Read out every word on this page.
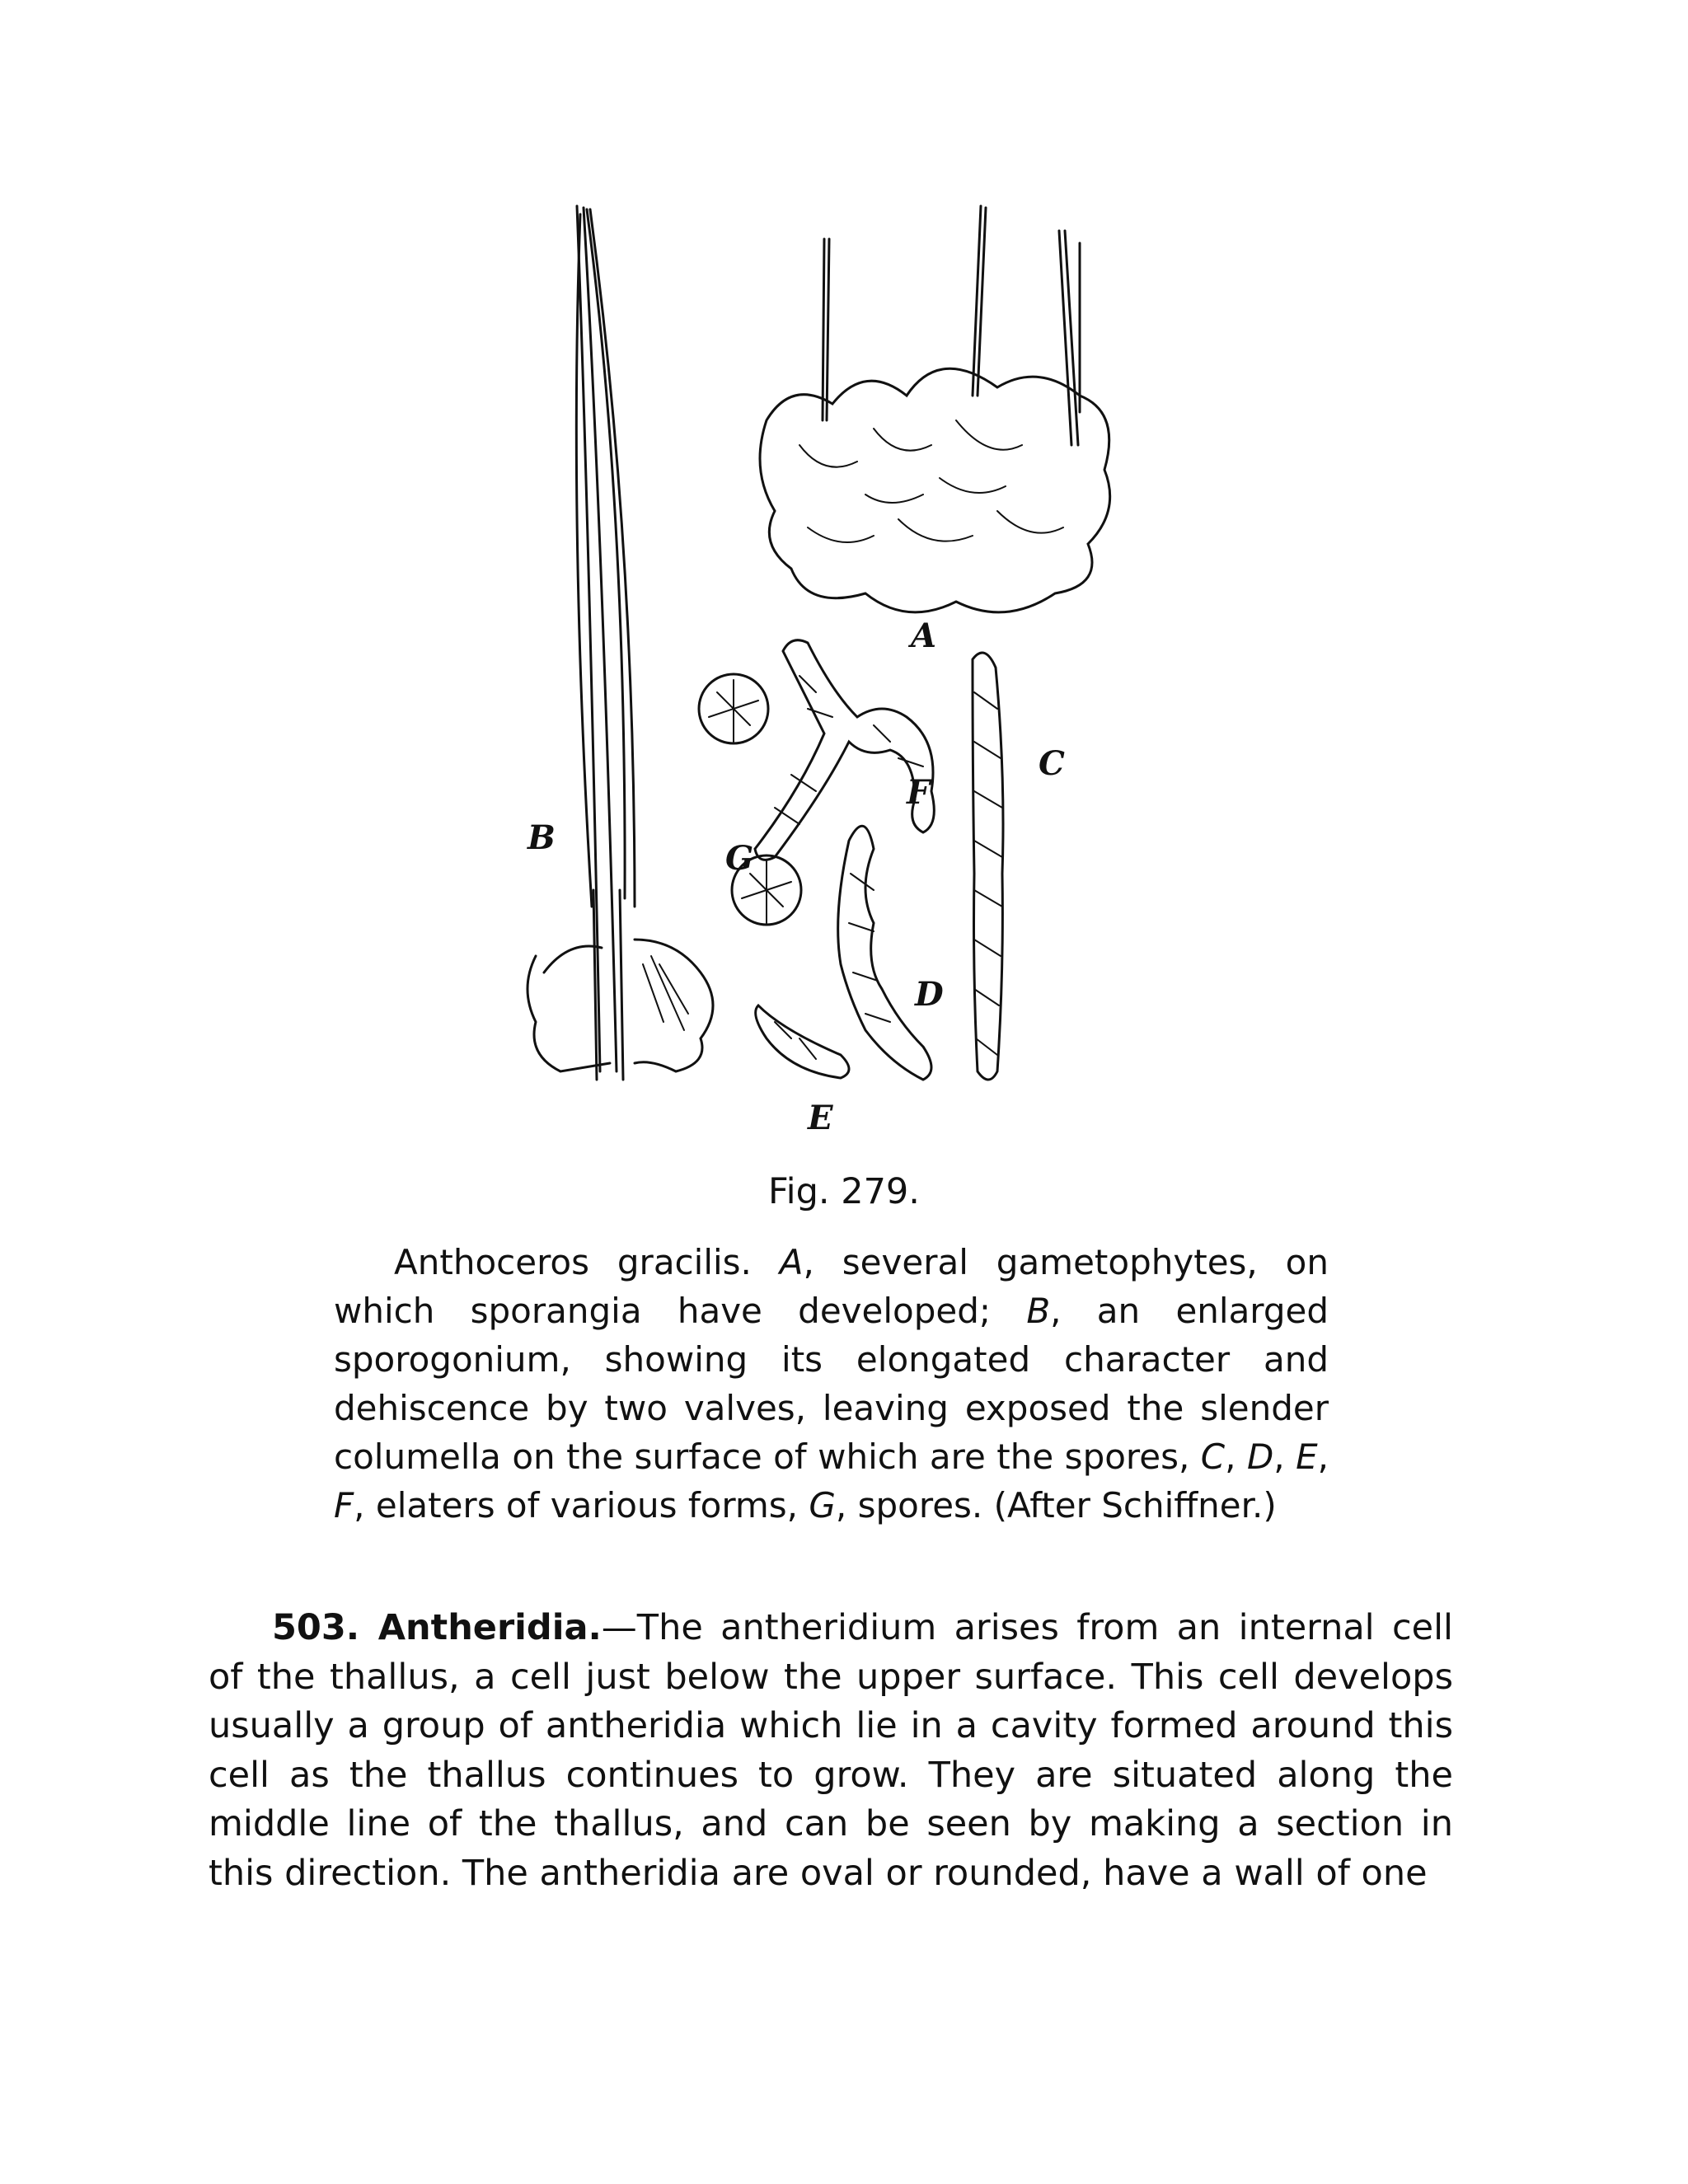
B
A
C
F
G
D
E
Fig. 279.

Anthoceros gracilis. A, several gametophytes, on which sporangia have developed; B, an enlarged sporogonium, showing its elongated character and dehiscence by two valves, leaving exposed the slender columella on the surface of which are the spores, C, D, E, F, elaters of various forms, G, spores. (After Schiffner.)

503. Antheridia.—The antheridium arises from an internal cell of the thallus, a cell just below the upper surface. This cell develops usually a group of antheridia which lie in a cavity formed around this cell as the thallus continues to grow. They are situated along the middle line of the thallus, and can be seen by making a section in this direction. The antheridia are oval or rounded, have a wall of one
